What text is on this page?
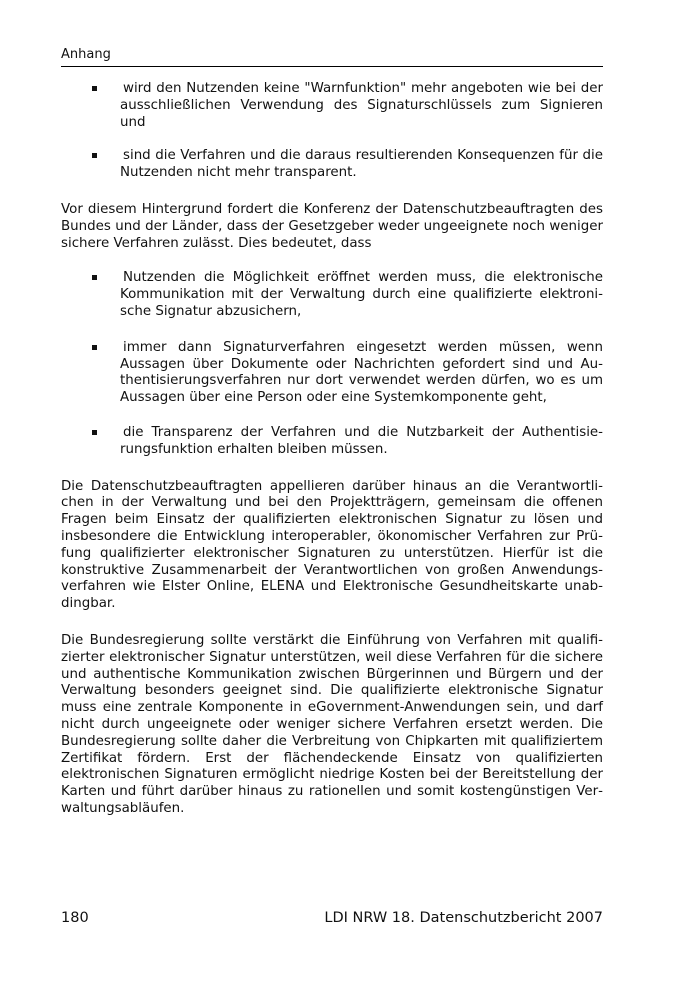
Anhang
wird den Nutzenden keine "Warnfunktion" mehr angeboten wie bei der ausschließlichen Verwendung des Signaturschlüssels zum Signieren und
sind die Verfahren und die daraus resultierenden Konsequenzen für die Nutzenden nicht mehr transparent.
Vor diesem Hintergrund fordert die Konferenz der Datenschutzbeauftragten des Bundes und der Länder, dass der Gesetzgeber weder ungeeignete noch weniger sichere Verfahren zulässt. Dies bedeutet, dass
Nutzenden die Möglichkeit eröffnet werden muss, die elektronische Kommunikation mit der Verwaltung durch eine qualifizierte elektronische Signatur abzusichern,
immer dann Signaturverfahren eingesetzt werden müssen, wenn Aussagen über Dokumente oder Nachrichten gefordert sind und Authentisierungsverfahren nur dort verwendet werden dürfen, wo es um Aussagen über eine Person oder eine Systemkomponente geht,
die Transparenz der Verfahren und die Nutzbarkeit der Authentisierungsfunktion erhalten bleiben müssen.
Die Datenschutzbeauftragten appellieren darüber hinaus an die Verantwortlichen in der Verwaltung und bei den Projektträgern, gemeinsam die offenen Fragen beim Einsatz der qualifizierten elektronischen Signatur zu lösen und insbesondere die Entwicklung interoperabler, ökonomischer Verfahren zur Prüfung qualifizierter elektronischer Signaturen zu unterstützen. Hierfür ist die konstruktive Zusammenarbeit der Verantwortlichen von großen Anwendungsverfahren wie Elster Online, ELENA und Elektronische Gesundheitskarte unabdingbar.
Die Bundesregierung sollte verstärkt die Einführung von Verfahren mit qualifizierter elektronischer Signatur unterstützen, weil diese Verfahren für die sichere und authentische Kommunikation zwischen Bürgerinnen und Bürgern und der Verwaltung besonders geeignet sind. Die qualifizierte elektronische Signatur muss eine zentrale Komponente in eGovernment-Anwendungen sein, und darf nicht durch ungeeignete oder weniger sichere Verfahren ersetzt werden. Die Bundesregierung sollte daher die Verbreitung von Chipkarten mit qualifiziertem Zertifikat fördern. Erst der flächendeckende Einsatz von qualifizierten elektronischen Signaturen ermöglicht niedrige Kosten bei der Bereitstellung der Karten und führt darüber hinaus zu rationellen und somit kostengünstigen Verwaltungsabläufen.
180	LDI NRW 18. Datenschutzbericht 2007
